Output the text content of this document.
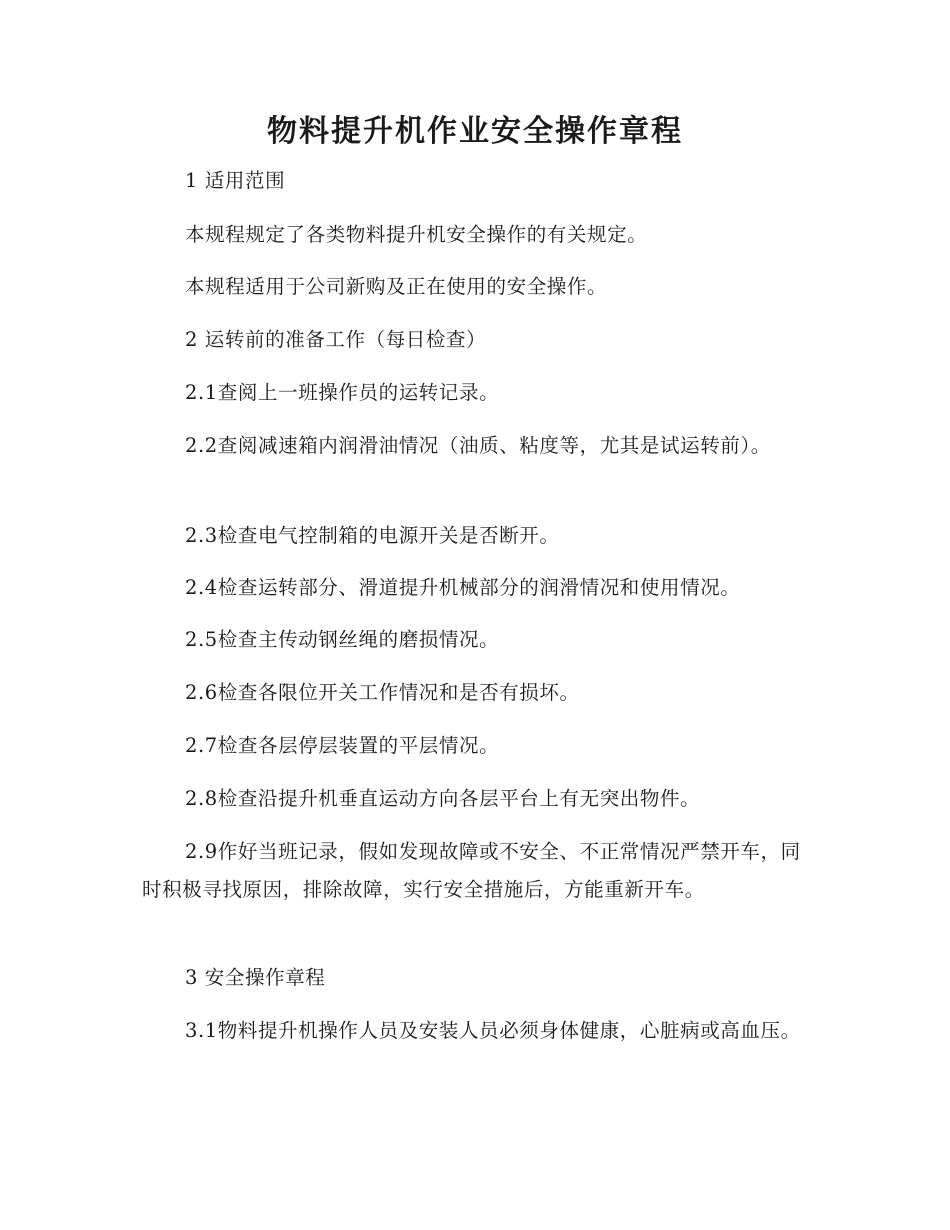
物料提升机作业安全操作章程

1 适用范围

本规程规定了各类物料提升机安全操作的有关规定。

本规程适用于公司新购及正在使用的安全操作。

2 运转前的准备工作（每日检查）

2.1查阅上一班操作员的运转记录。

2.2查阅减速箱内润滑油情况（油质、粘度等，尤其是试运转前）。

2.3检查电气控制箱的电源开关是否断开。

2.4检查运转部分、滑道提升机械部分的润滑情况和使用情况。

2.5检查主传动钢丝绳的磨损情况。

2.6检查各限位开关工作情况和是否有损坏。

2.7检查各层停层装置的平层情况。

2.8检查沿提升机垂直运动方向各层平台上有无突出物件。

2.9作好当班记录，假如发现故障或不安全、不正常情况严禁开车，同时积极寻找原因，排除故障，实行安全措施后，方能重新开车。

3 安全操作章程

3.1物料提升机操作人员及安装人员必须身体健康，心脏病或高血压。
